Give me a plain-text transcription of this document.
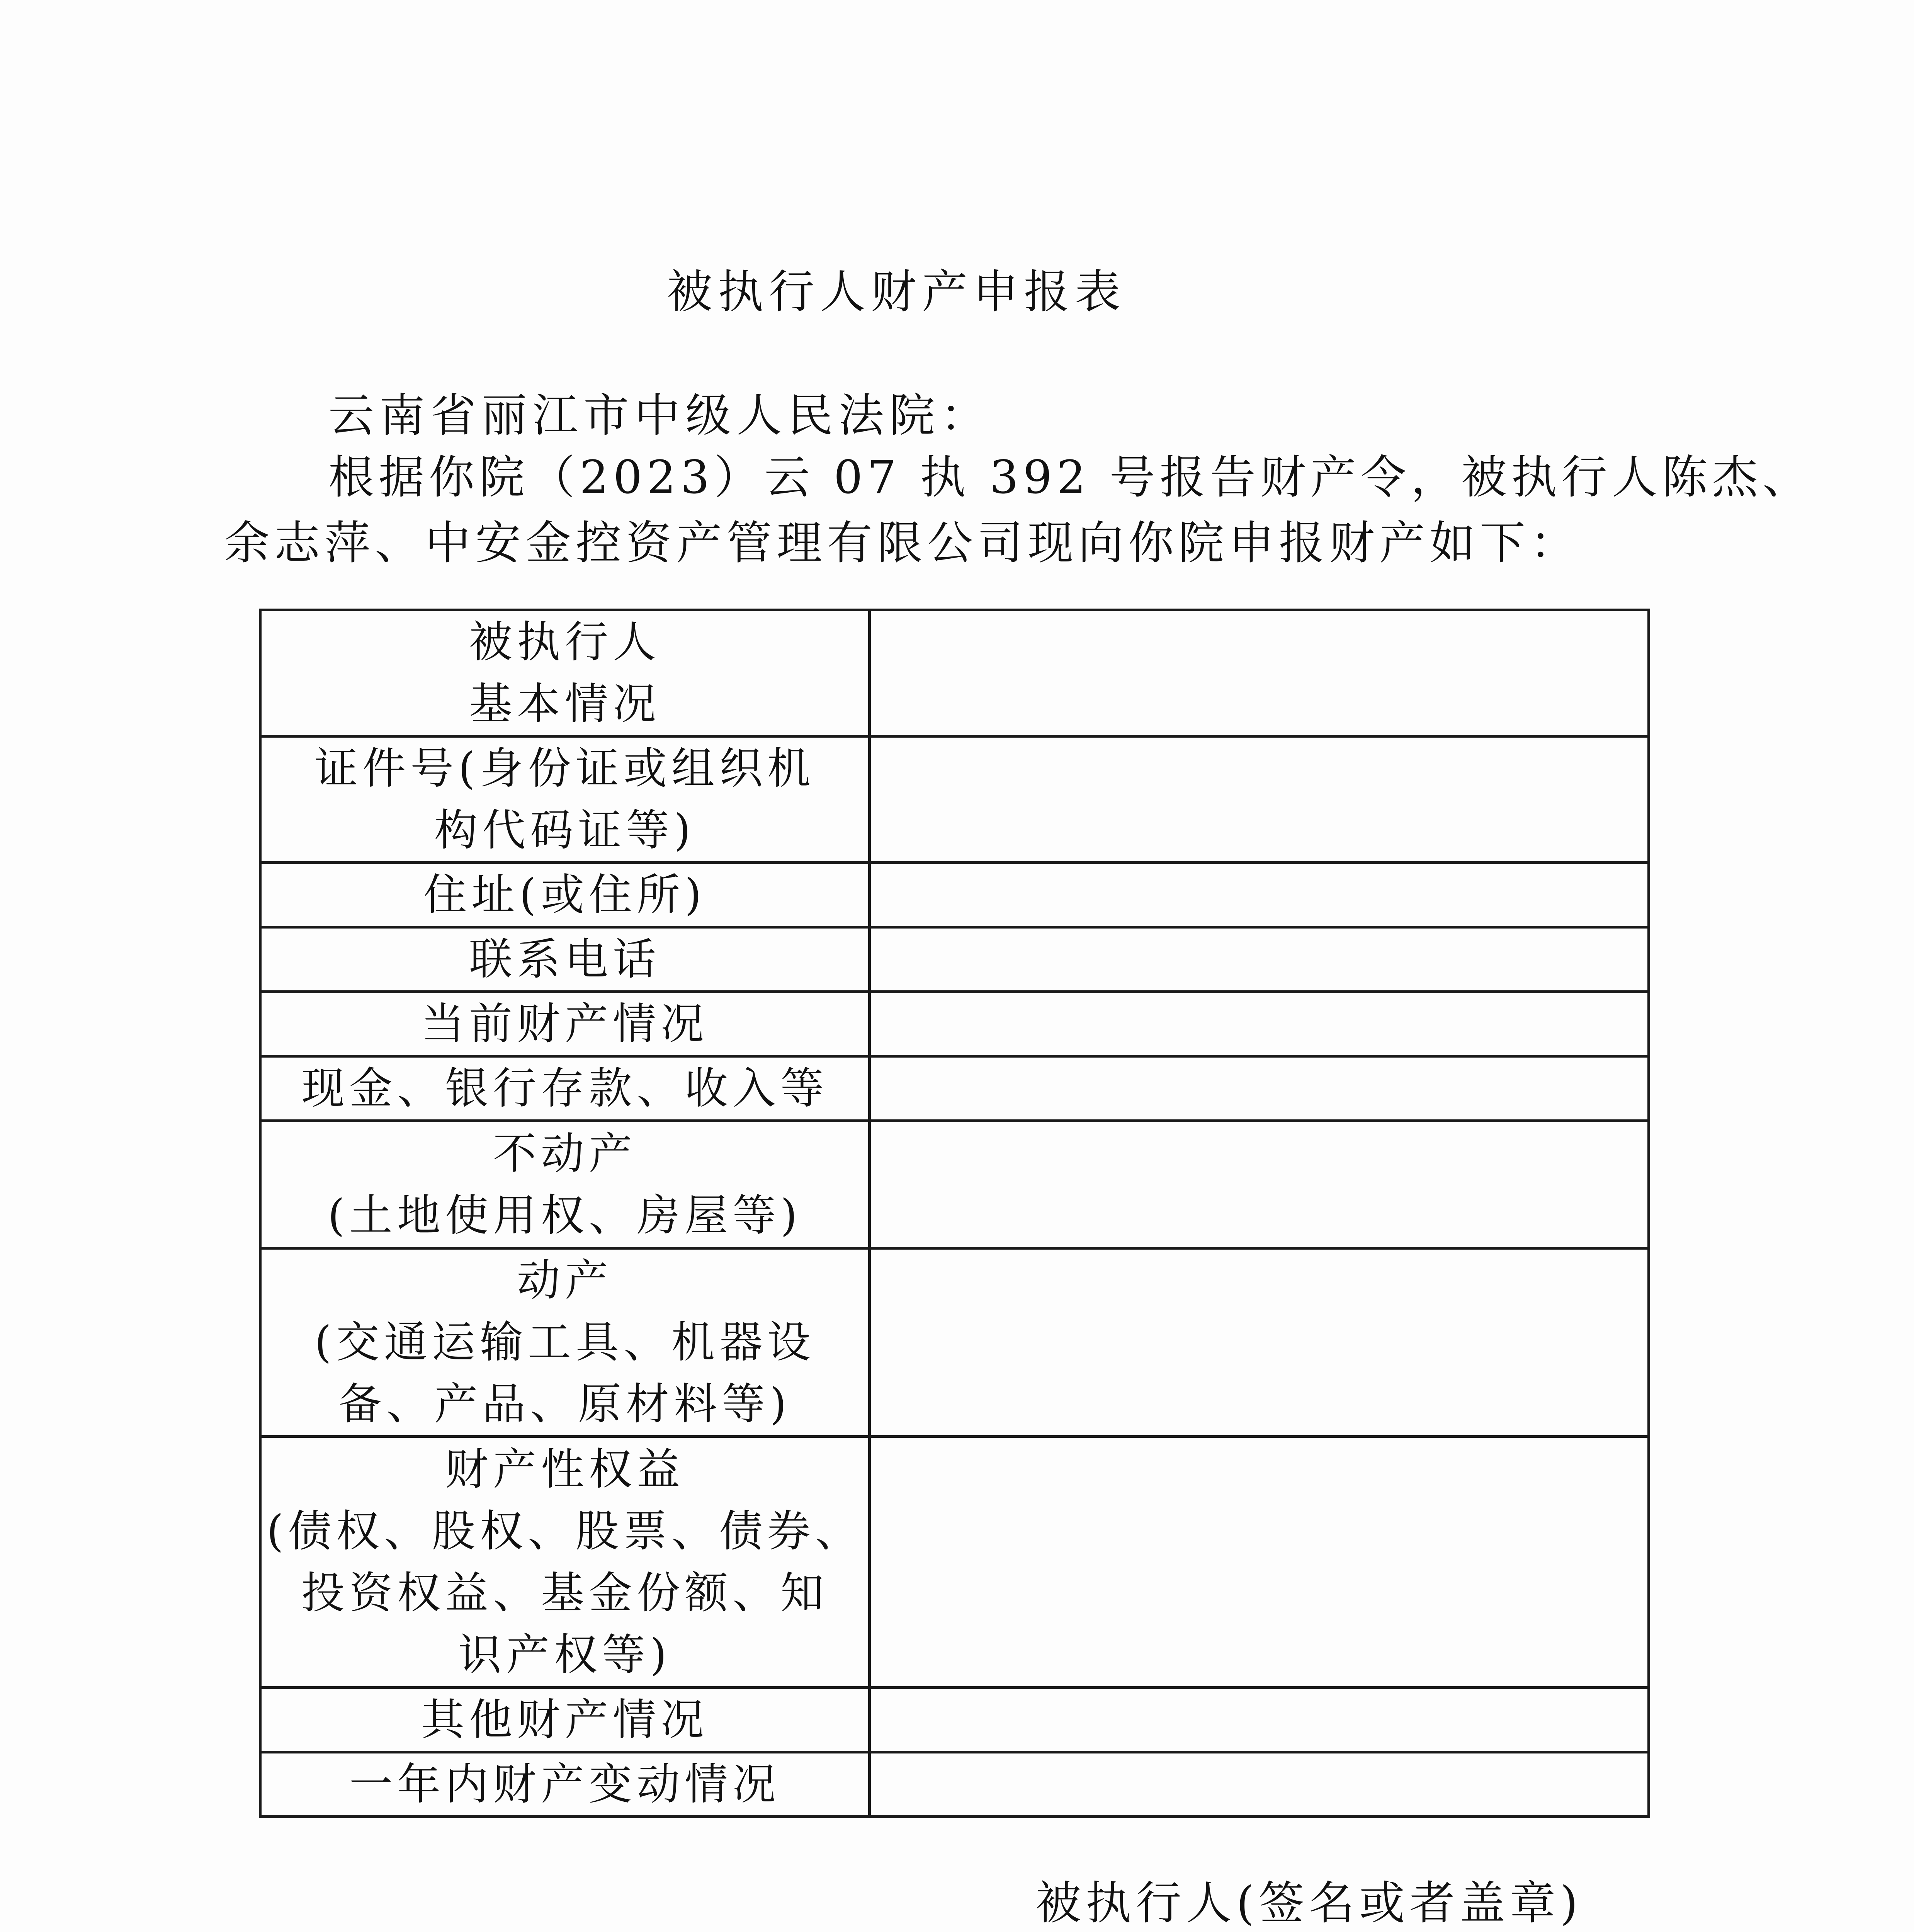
被执行人财产申报表
云南省丽江市中级人民法院：
根据你院（2023）云 07 执 392 号报告财产令，被执行人陈杰、
余志萍、中安金控资产管理有限公司现向你院申报财产如下：
被执行人
基本情况	

证件号(身份证或组织机
构代码证等)	

住址(或住所)	

联系电话	

当前财产情况	

现金、银行存款、收入等	

不动产
(土地使用权、房屋等)	

动产
(交通运输工具、机器设
备、产品、原材料等)	

财产性权益
(债权、股权、股票、债券、
投资权益、基金份额、知
识产权等)	

其他财产情况	

一年内财产变动情况	

被执行人(签名或者盖章)
